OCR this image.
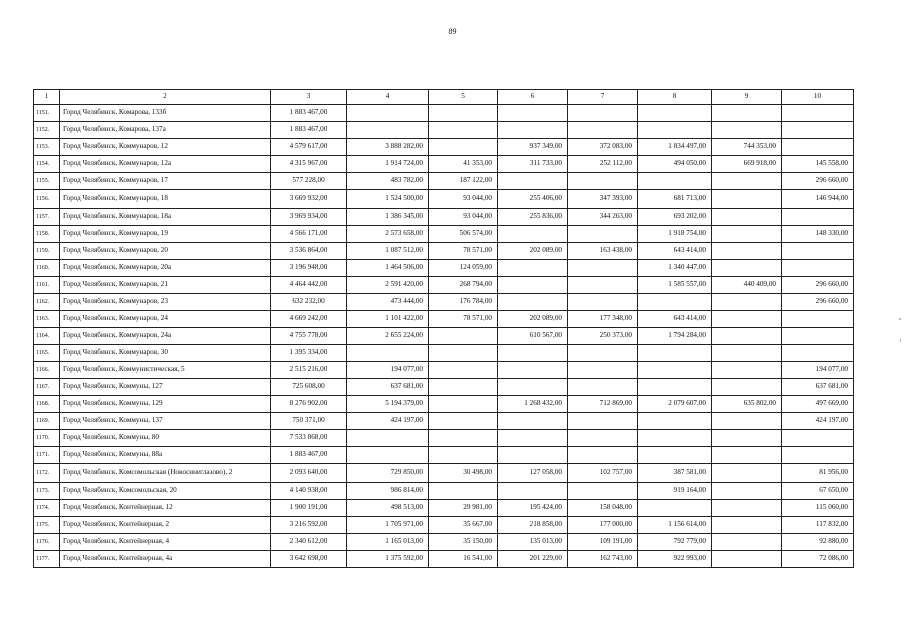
89
1	2	3	4	5	6	7	8	9	10
1151.	Город Челябинск, Комарова, 133б	1 883 467,00							
1152.	Город Челябинск, Комарова, 137а	1 883 467,00							
1153.	Город Челябинск, Коммунаров, 12	4 579 617,00	3 888 282,00		937 349,00	372 083,00	1 834 497,00	744 353,00	
1154.	Город Челябинск, Коммунаров, 12а	4 315 967,00	1 914 724,00	41 353,00	311 733,00	252 112,00	494 050,00	669 918,00	145 558,00
1155.	Город Челябинск, Коммунаров, 17	577 228,00	483 782,00	187 122,00					296 660,00
1156.	Город Челябинск, Коммунаров, 18	3 669 932,00	1 524 500,00	93 044,00	255 406,00	347 393,00	681 713,00		146 944,00
1157.	Город Челябинск, Коммунаров, 18а	3 969 934,00	1 386 345,00	93 044,00	255 836,00	344 263,00	693 202,00		
1158.	Город Челябинск, Коммунаров, 19	4 566 171,00	2 573 658,00	506 574,00			1 918 754,00		148 330,00
1159.	Город Челябинск, Коммунаров, 20	3 536 864,00	1 087 512,00	78 571,00	202 089,00	163 438,00	643 414,00		
1160.	Город Челябинск, Коммунаров, 20а	3 196 948,00	1 464 506,00	124 059,00			1 340 447,00		
1161.	Город Челябинск, Коммунаров, 21	4 464 442,00	2 591 420,00	268 794,00			1 585 557,00	440 409,00	296 660,00
1162.	Город Челябинск, Коммунаров, 23	632 232,00	473 444,00	176 784,00					296 660,00
1163.	Город Челябинск, Коммунаров, 24	4 669 242,00	1 101 422,00	78 571,00	202 089,00	177 348,00	643 414,00		
1164.	Город Челябинск, Коммунаров, 24а	4 755 778,00	2 655 224,00		610 567,00	250 373,00	1 794 284,00		
1165.	Город Челябинск, Коммунаров, 30	1 395 334,00							
1166.	Город Челябинск, Коммунистическая, 5	2 515 216,00	194 077,00						194 077,00
1167.	Город Челябинск, Коммуны, 127	725 608,00	637 681,00						637 681,00
1168.	Город Челябинск, Коммуны, 129	8 276 902,00	5 194 379,00		1 268 432,00	712 869,00	2 079 607,00	635 802,00	497 669,00
1169.	Город Челябинск, Коммуны, 137	750 371,00	424 197,00						424 197,00
1170.	Город Челябинск, Коммуны, 80	7 533 868,00							
1171.	Город Челябинск, Коммуны, 88а	1 883 467,00							
1172.	Город Челябинск, Комсомольская (Новосинеглазово), 2	2 093 640,00	729 850,00	30 498,00	127 058,00	102 757,00	387 581,00		81 956,00
1173.	Город Челябинск, Комсомольская, 20	4 140 938,00	986 814,00				919 164,00		67 650,00
1174.	Город Челябинск, Контейнерная, 12	1 900 191,00	498 513,00	29 981,00	195 424,00	158 048,00			115 060,00
1175.	Город Челябинск, Контейнерная, 2	3 216 592,00	1 705 971,00	35 667,00	218 858,00	177 000,00	1 156 614,00		117 832,00
1176.	Город Челябинск, Контейнерная, 4	2 340 612,00	1 165 013,00	35 150,00	135 013,00	109 191,00	792 779,00		92 880,00
1177.	Город Челябинск, Контейнерная, 4а	3 642 698,00	1 375 592,00	16 541,00	201 229,00	162 743,00	922 993,00		72 086,00
